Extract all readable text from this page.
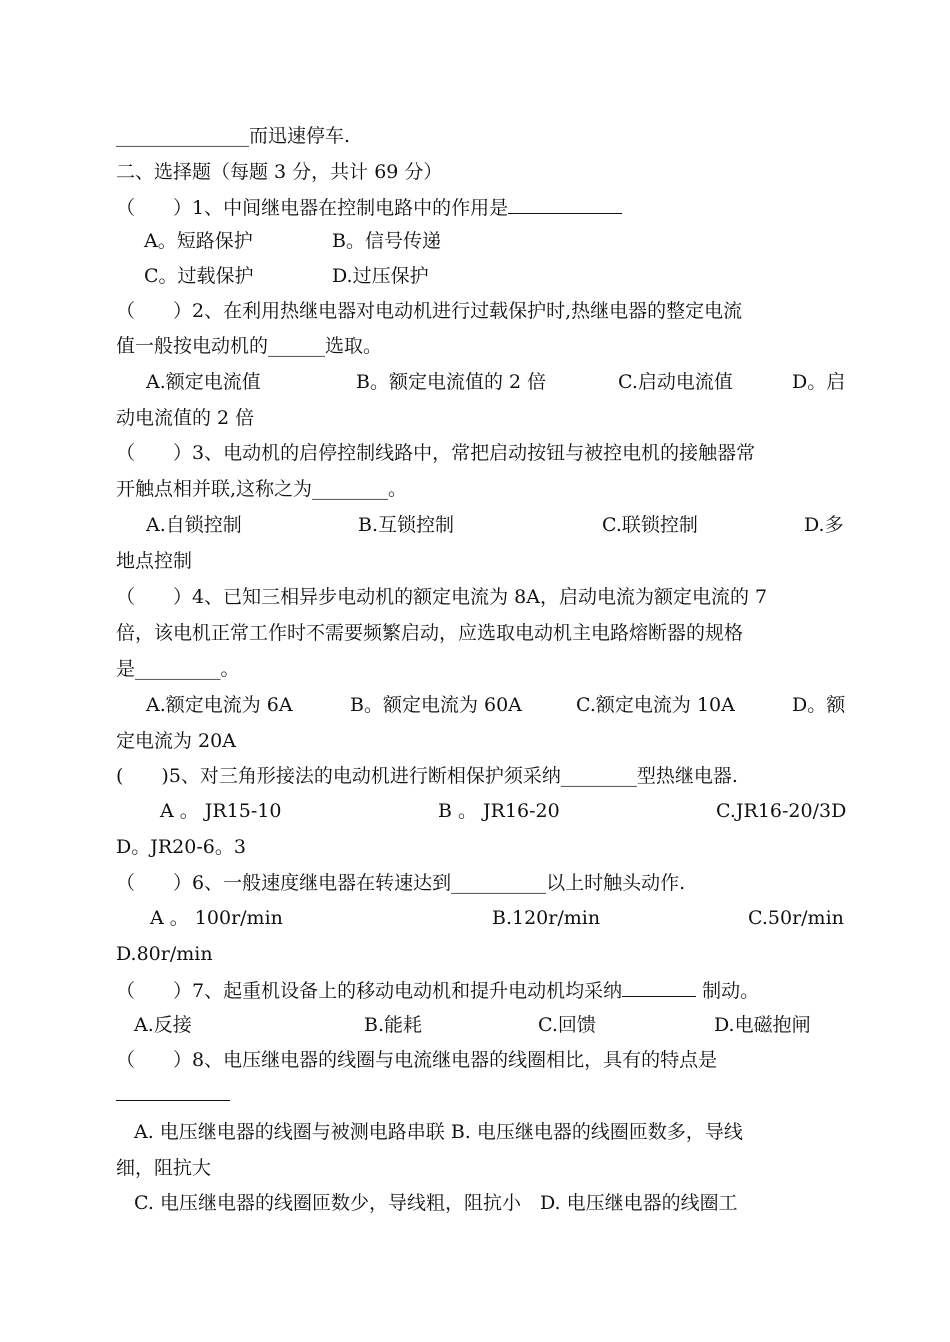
______________而迅速停车.
二、选择题（每题 3 分，共计 69 分）
（　　）1、中间继电器在控制电路中的作用是
A。短路保护	B。信号传递
C。过载保护	D.过压保护
（　　）2、在利用热继电器对电动机进行过载保护时,热继电器的整定电流
值一般按电动机的______选取。
A.额定电流值	B。额定电流值的 2 倍	C.启动电流值	D。启
动电流值的 2 倍
（　　）3、电动机的启停控制线路中，常把启动按钮与被控电机的接触器常
开触点相并联,这称之为________。
A.自锁控制	B.互锁控制	C.联锁控制	D.多
地点控制
（　　）4、已知三相异步电动机的额定电流为 8A，启动电流为额定电流的 7
倍，该电机正常工作时不需要频繁启动，应选取电动机主电路熔断器的规格
是_________。
A.额定电流为 6A	B。额定电流为 60A	C.额定电流为 10A	D。额
定电流为 20A
(　　)5、对三角形接法的电动机进行断相保护须采纳________型热继电器.
A 。 JR15-10	B 。 JR16-20	C.JR16-20/3D
D。JR20-6。3
（　　）6、一般速度继电器在转速达到__________以上时触头动作.
A 。 100r/min	B.120r/min	C.50r/min
D.80r/min
（　　）7、起重机设备上的移动电动机和提升电动机均采纳	制动。
A.反接	B.能耗	C.回馈	D.电磁抱闸
（　　）8、电压继电器的线圈与电流继电器的线圈相比，具有的特点是
A. 电压继电器的线圈与被测电路串联 B. 电压继电器的线圈匝数多，导线
细，阻抗大
C. 电压继电器的线圈匝数少，导线粗，阻抗小　D. 电压继电器的线圈工
